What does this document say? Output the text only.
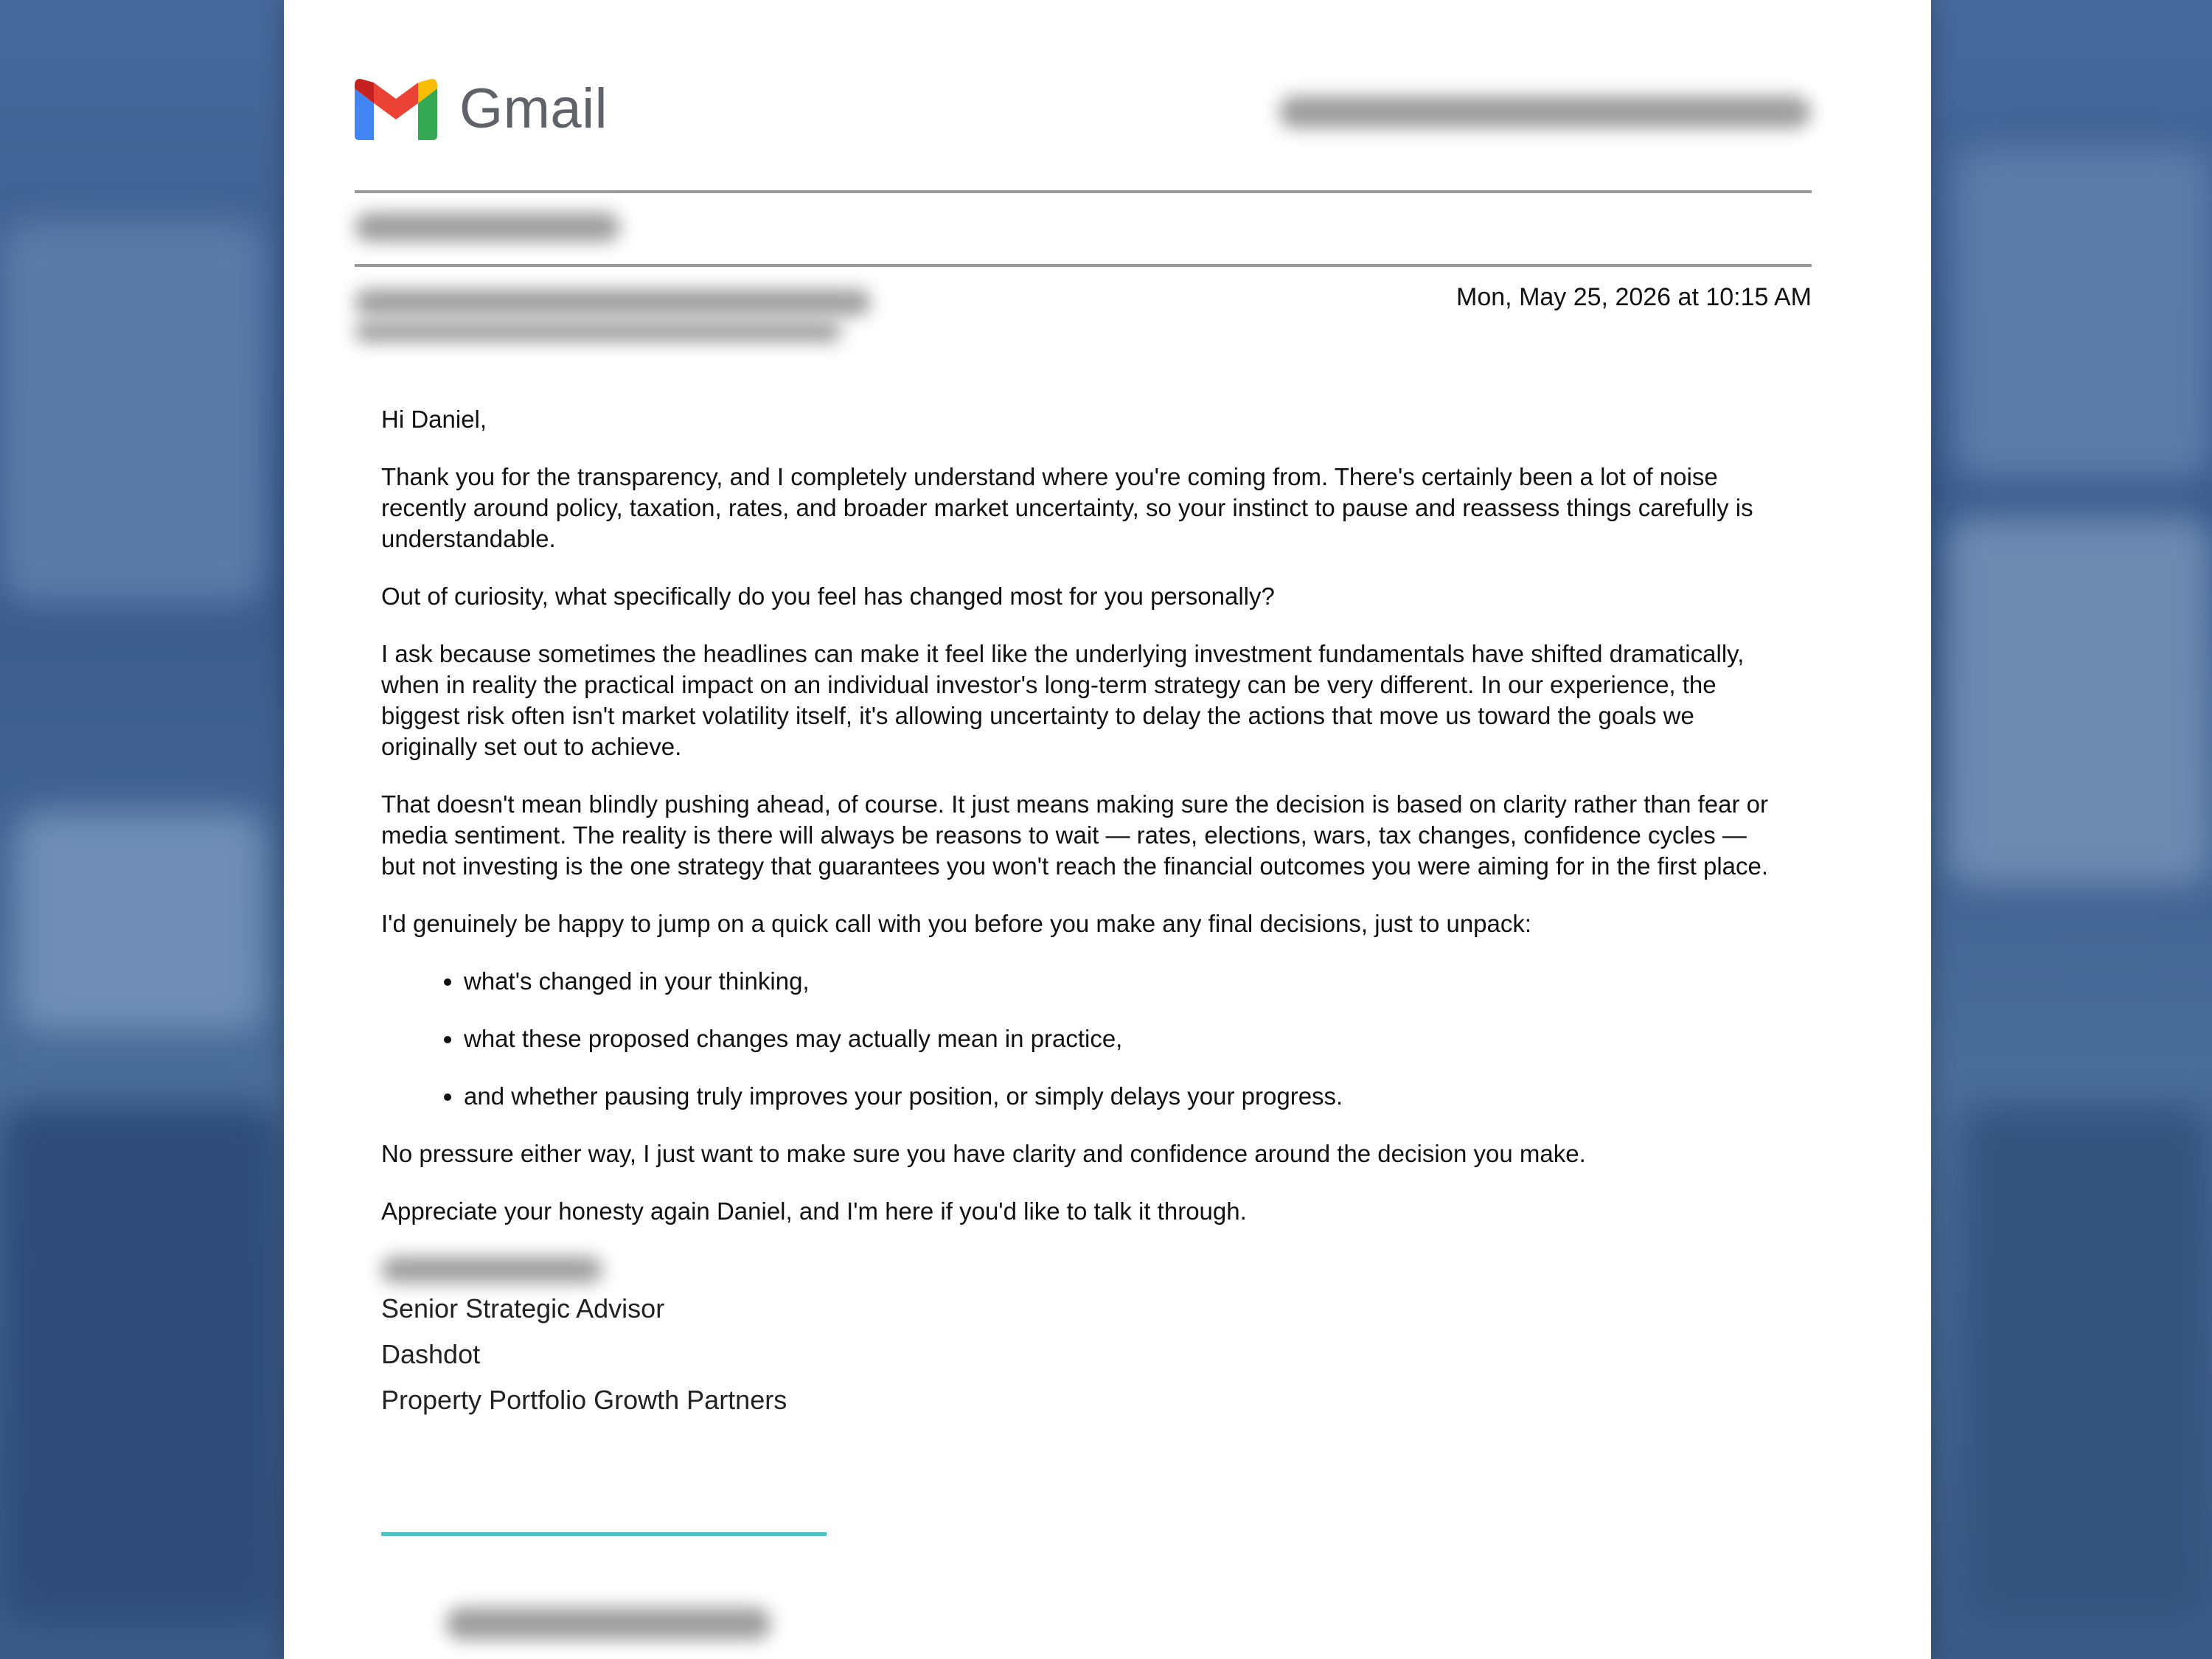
Gmail
Mon, May 25, 2026 at 10:15 AM

Hi Daniel,

Thank you for the transparency, and I completely understand where you're coming from. There's certainly been a lot of noise recently around policy, taxation, rates, and broader market uncertainty, so your instinct to pause and reassess things carefully is understandable.

Out of curiosity, what specifically do you feel has changed most for you personally?

I ask because sometimes the headlines can make it feel like the underlying investment fundamentals have shifted dramatically, when in reality the practical impact on an individual investor's long-term strategy can be very different. In our experience, the biggest risk often isn't market volatility itself, it's allowing uncertainty to delay the actions that move us toward the goals we originally set out to achieve.

That doesn't mean blindly pushing ahead, of course. It just means making sure the decision is based on clarity rather than fear or media sentiment. The reality is there will always be reasons to wait — rates, elections, wars, tax changes, confidence cycles — but not investing is the one strategy that guarantees you won't reach the financial outcomes you were aiming for in the first place.

I'd genuinely be happy to jump on a quick call with you before you make any final decisions, just to unpack:

• what's changed in your thinking,
• what these proposed changes may actually mean in practice,
• and whether pausing truly improves your position, or simply delays your progress.

No pressure either way, I just want to make sure you have clarity and confidence around the decision you make.

Appreciate your honesty again Daniel, and I'm here if you'd like to talk it through.

Senior Strategic Advisor
Dashdot
Property Portfolio Growth Partners
